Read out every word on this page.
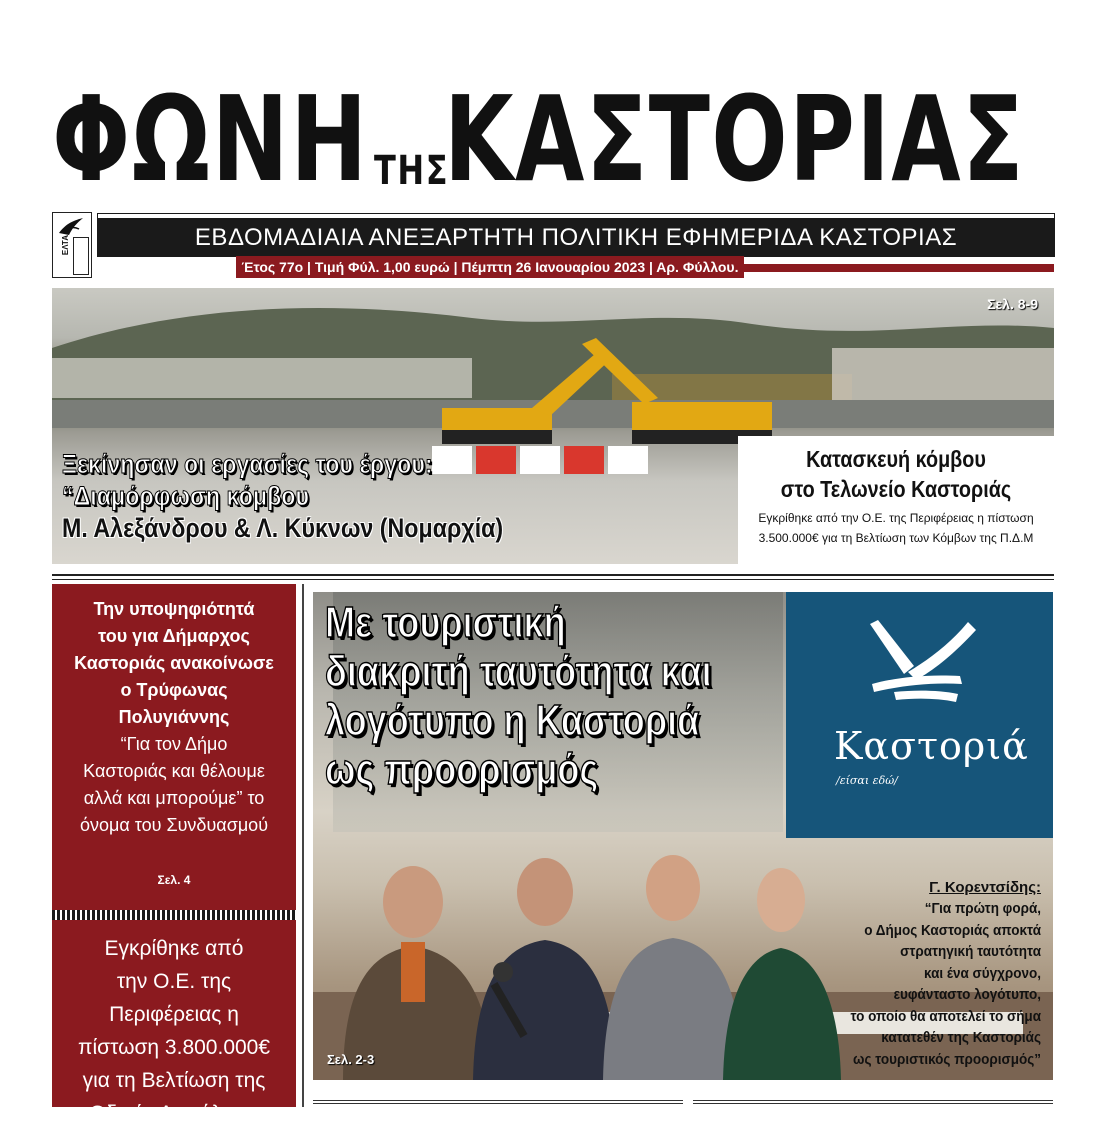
ΦΩΝΗ ΤΗΣ
ΚΑΣΤΟΡΙΑΣ
ΕΛΤΑ	ΕΒΔΟΜΑΔΙΑΙΑ ΑΝΕΞΑΡΤΗΤΗ ΠΟΛΙΤΙΚΗ ΕΦΗΜΕΡΙΔΑ ΚΑΣΤΟΡΙΑΣ
Έτος 77ο | Τιμή Φύλ. 1,00 ευρώ | Πέμπτη 26 Ιανουαρίου 2023 | Αρ. Φύλλου.
Σελ. 8-9
Ξεκίνησαν οι εργασίες του έργου:
“Διαμόρφωση κόμβου
Μ. Αλεξάνδρου & Λ. Κύκνων (Νομαρχία)
Κατασκευή κόμβου
στο Τελωνείο Καστοριάς
Εγκρίθηκε από την Ο.Ε. της Περιφέρειας η πίστωση
3.500.000€ για τη Βελτίωση των Κόμβων της Π.Δ.Μ
Την υποψηφιότητά
του για Δήμαρχος
Καστοριάς ανακοίνωσε
ο Τρύφωνας
Πολυγιάννης
“Για τον Δήμο
Καστοριάς και θέλουμε
αλλά και μπορούμε” το
όνομα του Συνδυασμού
Σελ. 4
Εγκρίθηκε από
την Ο.Ε. της
Περιφέρειας η
πίστωση 3.800.000€
για τη Βελτίωση της
Οδικής Ασφάλειας
Με τουριστική
διακριτή ταυτότητα και
λογότυπο η Καστοριά
ως προορισμός	Καστοριά
/είσαι εδώ/
Σελ. 2-3
Γ. Κορεντσίδης:
“Για πρώτη φορά,
ο Δήμος Καστοριάς αποκτά
στρατηγική ταυτότητα
και ένα σύγχρονο,
ευφάνταστο λογότυπο,
το οποίο θα αποτελεί το σήμα
κατατεθέν της Καστοριάς
ως τουριστικός προορισμός”
